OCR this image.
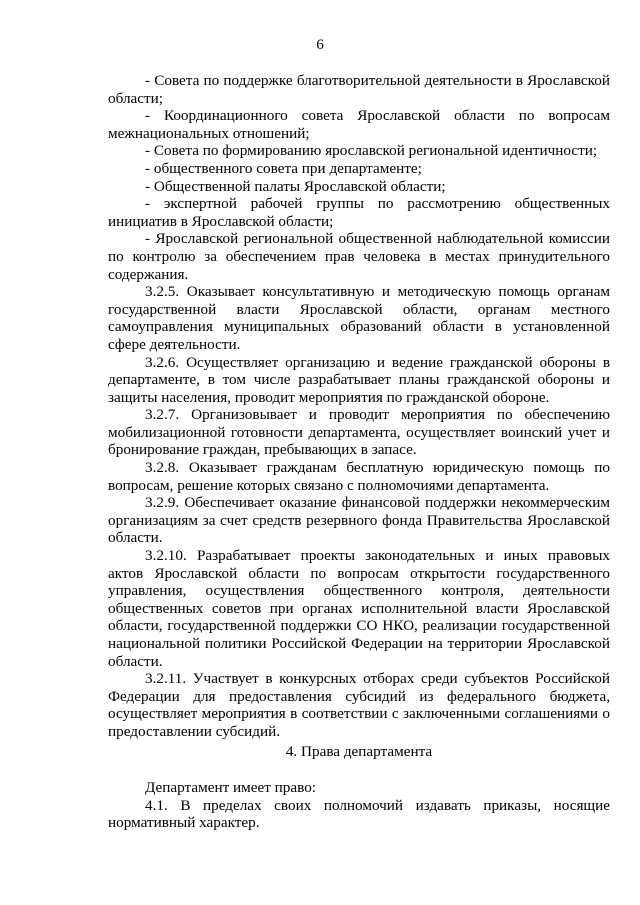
6

- Совета по поддержке благотворительной деятельности в Ярославской области;

- Координационного совета Ярославской области по вопросам межнациональных отношений;

- Совета по формированию ярославской региональной идентичности;

- общественного совета при департаменте;

- Общественной палаты Ярославской области;

- экспертной рабочей группы по рассмотрению общественных инициатив в Ярославской области;

- Ярославской региональной общественной наблюдательной комиссии по контролю за обеспечением прав человека в местах принудительного содержания.

3.2.5. Оказывает консультативную и методическую помощь органам государственной власти Ярославской области, органам местного самоуправления муниципальных образований области в установленной сфере деятельности.

3.2.6. Осуществляет организацию и ведение гражданской обороны в департаменте, в том числе разрабатывает планы гражданской обороны и защиты населения, проводит мероприятия по гражданской обороне.

3.2.7. Организовывает и проводит мероприятия по обеспечению мобилизационной готовности департамента, осуществляет воинский учет и бронирование граждан, пребывающих в запасе.

3.2.8. Оказывает гражданам бесплатную юридическую помощь по вопросам, решение которых связано с полномочиями департамента.

3.2.9. Обеспечивает оказание финансовой поддержки некоммерческим организациям за счет средств резервного фонда Правительства Ярославской области.

3.2.10. Разрабатывает проекты законодательных и иных правовых актов Ярославской области по вопросам открытости государственного управления, осуществления общественного контроля, деятельности общественных советов при органах исполнительной власти Ярославской области, государственной поддержки СО НКО, реализации государственной национальной политики Российской Федерации на территории Ярославской области.

3.2.11. Участвует в конкурсных отборах среди субъектов Российской Федерации для предоставления субсидий из федерального бюджета, осуществляет мероприятия в соответствии с заключенными соглашениями о предоставлении субсидий.

4. Права департамента

Департамент имеет право:

4.1. В пределах своих полномочий издавать приказы, носящие нормативный характер.
